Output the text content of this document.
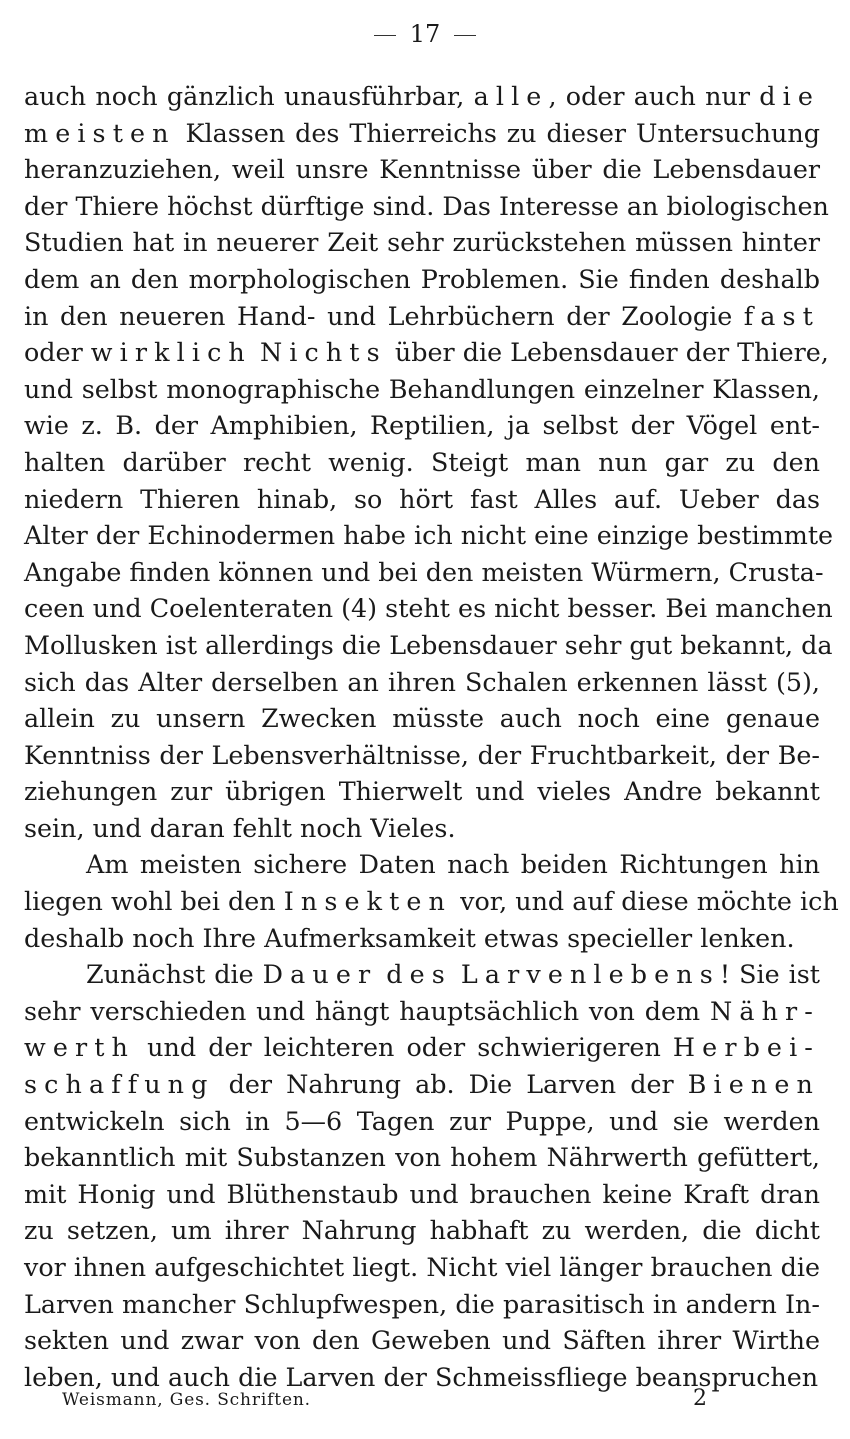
17
auch noch gänzlich unausführbar, alle, oder auch nur die
meisten Klassen des Thierreichs zu dieser Untersuchung
heranzuziehen, weil unsre Kenntnisse über die Lebensdauer
der Thiere höchst dürftige sind. Das Interesse an biologischen
Studien hat in neuerer Zeit sehr zurückstehen müssen hinter
dem an den morphologischen Problemen. Sie finden deshalb
in den neueren Hand- und Lehrbüchern der Zoologie fast
oder wirklich Nichts über die Lebensdauer der Thiere,
und selbst monographische Behandlungen einzelner Klassen,
wie z. B. der Amphibien, Reptilien, ja selbst der Vögel ent-
halten darüber recht wenig. Steigt man nun gar zu den
niedern Thieren hinab, so hört fast Alles auf. Ueber das
Alter der Echinodermen habe ich nicht eine einzige bestimmte
Angabe finden können und bei den meisten Würmern, Crusta-
ceen und Coelenteraten (4) steht es nicht besser. Bei manchen
Mollusken ist allerdings die Lebensdauer sehr gut bekannt, da
sich das Alter derselben an ihren Schalen erkennen lässt (5),
allein zu unsern Zwecken müsste auch noch eine genaue
Kenntniss der Lebensverhältnisse, der Fruchtbarkeit, der Be-
ziehungen zur übrigen Thierwelt und vieles Andre bekannt
sein, und daran fehlt noch Vieles.
Am meisten sichere Daten nach beiden Richtungen hin
liegen wohl bei den Insekten vor, und auf diese möchte ich
deshalb noch Ihre Aufmerksamkeit etwas specieller lenken.
Zunächst die Dauer des Larvenlebens! Sie ist
sehr verschieden und hängt hauptsächlich von dem Nähr-
werth und der leichteren oder schwierigeren Herbei-
schaffung der Nahrung ab. Die Larven der Bienen
entwickeln sich in 5—6 Tagen zur Puppe, und sie werden
bekanntlich mit Substanzen von hohem Nährwerth gefüttert,
mit Honig und Blüthenstaub und brauchen keine Kraft dran
zu setzen, um ihrer Nahrung habhaft zu werden, die dicht
vor ihnen aufgeschichtet liegt. Nicht viel länger brauchen die
Larven mancher Schlupfwespen, die parasitisch in andern In-
sekten und zwar von den Geweben und Säften ihrer Wirthe
leben, und auch die Larven der Schmeissfliege beanspruchen
Weismann, Ges. Schriften.	2
